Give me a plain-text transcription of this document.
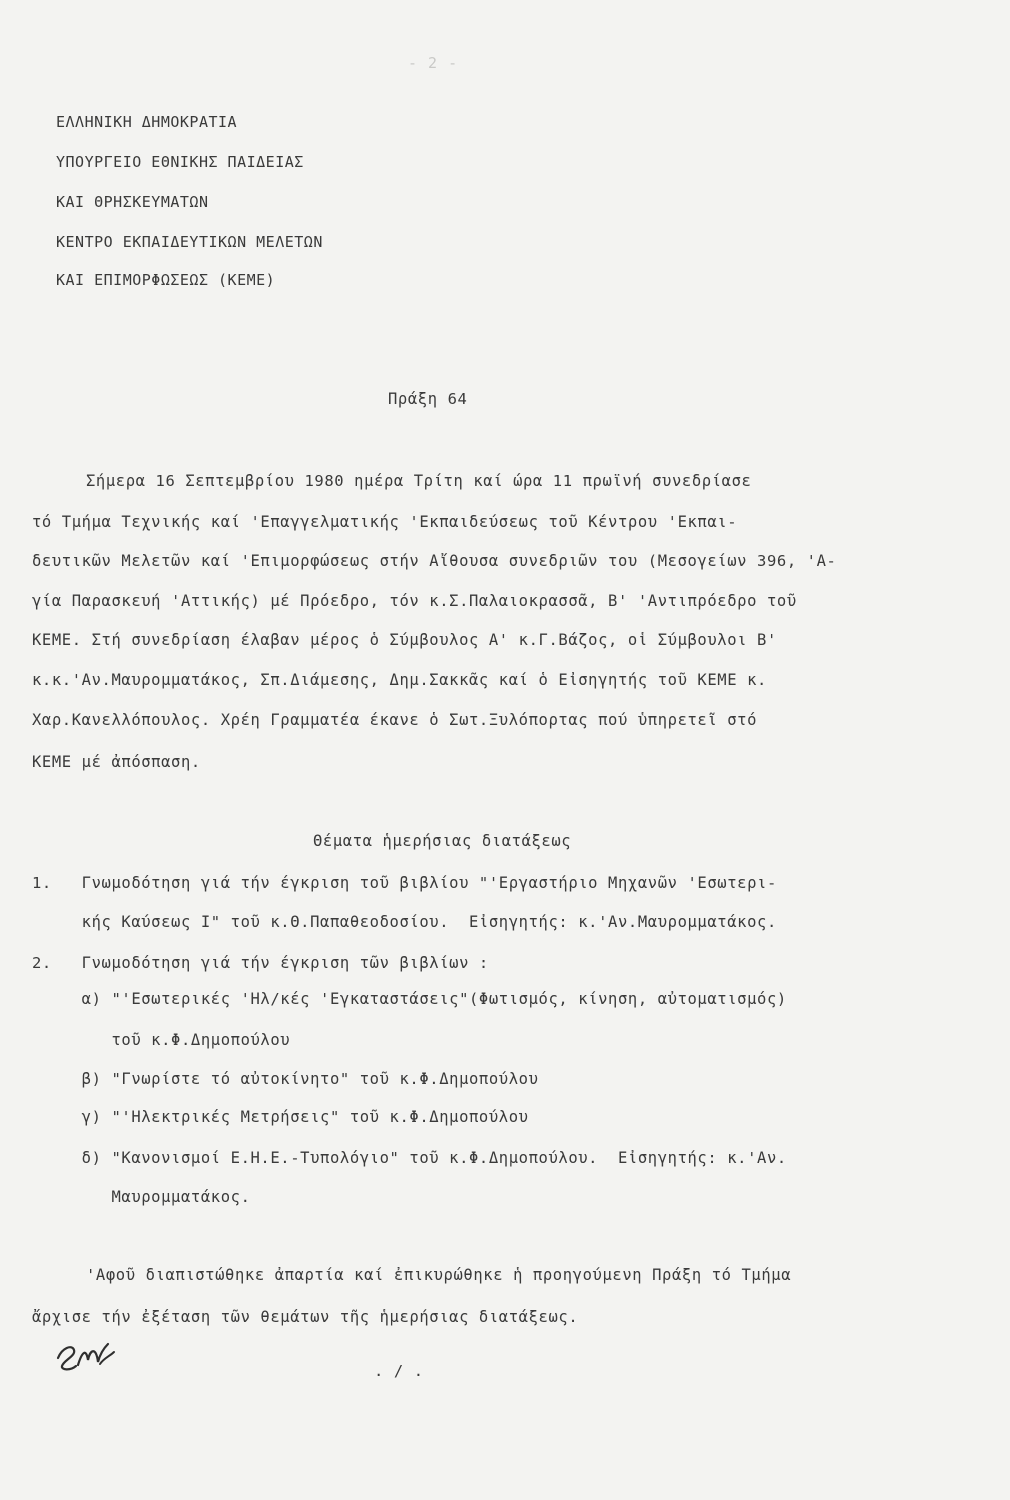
- 2 -
ΕΛΛΗΝΙΚΗ ΔΗΜΟΚΡΑΤΙΑ
ΥΠΟΥΡΓΕΙΟ ΕΘΝΙΚΗΣ ΠΑΙΔΕΙΑΣ
ΚΑΙ ΘΡΗΣΚΕΥΜΑΤΩΝ
ΚΕΝΤΡΟ ΕΚΠΑΙΔΕΥΤΙΚΩΝ ΜΕΛΕΤΩΝ
ΚΑΙ ΕΠΙΜΟΡΦΩΣΕΩΣ (ΚΕΜΕ)
Πράξη 64
Σήμερα 16 Σεπτεμβρίου 1980 ημέρα Τρίτη καί ώρα 11 πρωϊνή συνεδρίασε
τό Τμήμα Τεχνικής καί 'Επαγγελματικής 'Εκπαιδεύσεως τοῦ Κέντρου 'Εκπαι-
δευτικῶν Μελετῶν καί 'Επιμορφώσεως στήν Αἴθουσα συνεδριῶν του (Μεσογείων 396, 'Α-
γία Παρασκευή 'Αττικής) μέ Πρόεδρο, τόν κ.Σ.Παλαιοκρασσᾶ, Β' 'Αντιπρόεδρο τοῦ
ΚΕΜΕ. Στή συνεδρίαση έλαβαν μέρος ὁ Σύμβουλος Α' κ.Γ.Βάζος, οἱ Σύμβουλοι Β'
κ.κ.'Αν.Μαυρομματάκος, Σπ.Διάμεσης, Δημ.Σακκᾶς καί ὁ Εἰσηγητής τοῦ ΚΕΜΕ κ.
Χαρ.Κανελλόπουλος. Χρέη Γραμματέα έκανε ὁ Σωτ.Ξυλόπορτας πού ὑπηρετεῖ στό
ΚΕΜΕ μέ ἀπόσπαση.
Θέματα ἡμερήσιας διατάξεως
1.   Γνωμοδότηση γιά τήν έγκριση τοῦ βιβλίου "'Εργαστήριο Μηχανῶν 'Εσωτερι-
κής Καύσεως Ι" τοῦ κ.Θ.Παπαθεοδοσίου.  Εἰσηγητής: κ.'Αν.Μαυρομματάκος.
2.   Γνωμοδότηση γιά τήν έγκριση τῶν βιβλίων :
α) "'Εσωτερικές 'Ηλ/κές 'Εγκαταστάσεις"(Φωτισμός, κίνηση, αὐτοματισμός)
τοῦ κ.Φ.Δημοπούλου
β) "Γνωρίστε τό αὐτοκίνητο" τοῦ κ.Φ.Δημοπούλου
γ) "'Ηλεκτρικές Μετρήσεις" τοῦ κ.Φ.Δημοπούλου
δ) "Κανονισμοί Ε.Η.Ε.-Τυπολόγιο" τοῦ κ.Φ.Δημοπούλου.  Εἰσηγητής: κ.'Αν.
Μαυρομματάκος.
'Αφοῦ διαπιστώθηκε ἀπαρτία καί ἐπικυρώθηκε ἡ προηγούμενη Πράξη τό Τμήμα
ἄρχισε τήν ἐξέταση τῶν θεμάτων τῆς ἡμερήσιας διατάξεως.
. / .
